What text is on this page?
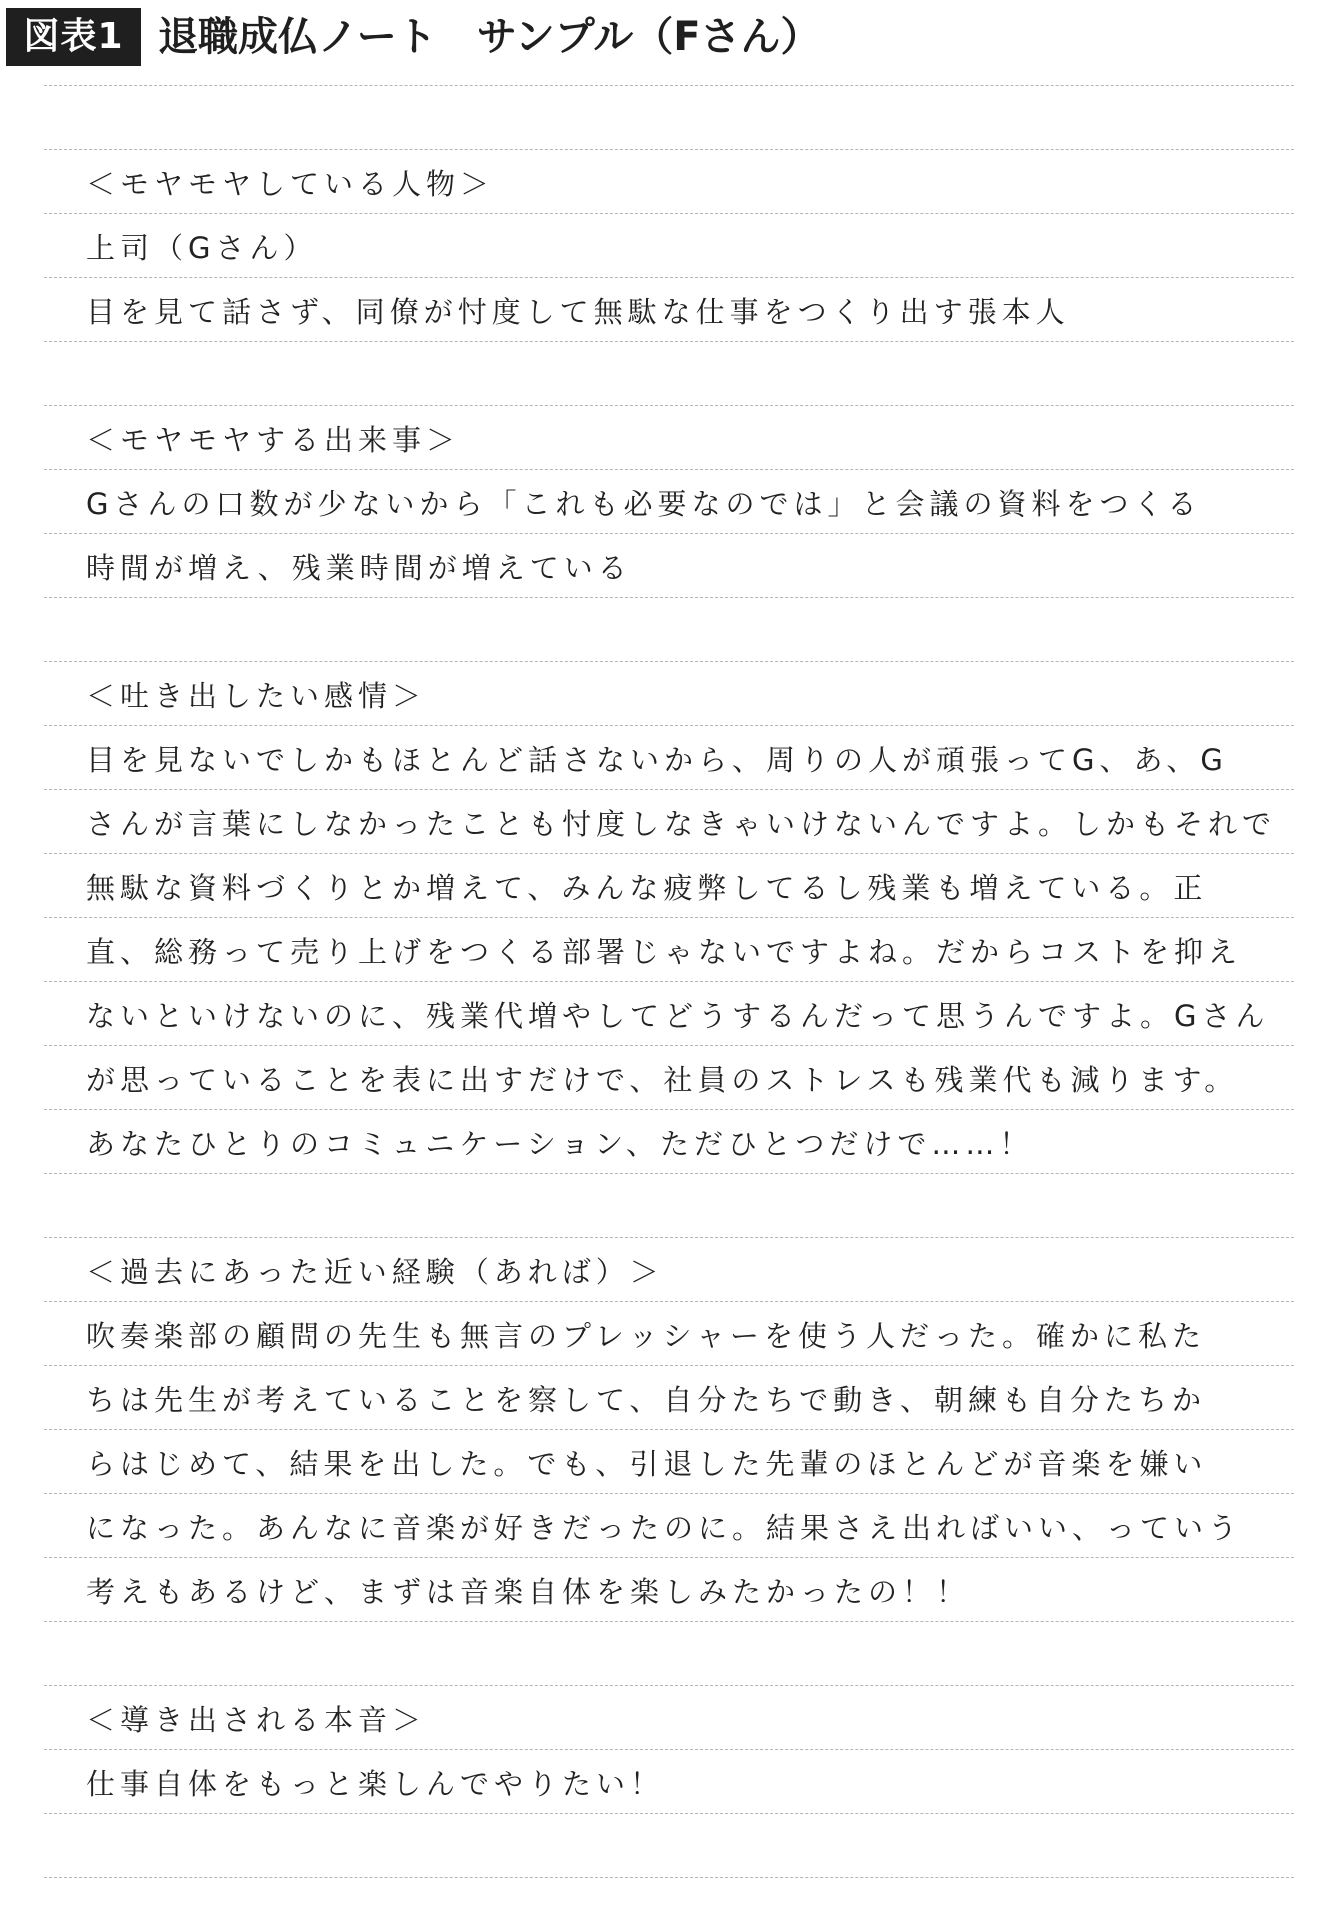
図表1 退職成仏ノート　サンプル（Fさん）
＜モヤモヤしている人物＞
上司（Gさん）
目を見て話さず、同僚が忖度して無駄な仕事をつくり出す張本人
＜モヤモヤする出来事＞
Gさんの口数が少ないから「これも必要なのでは」と会議の資料をつくる
時間が増え、残業時間が増えている
＜吐き出したい感情＞
目を見ないでしかもほとんど話さないから、周りの人が頑張ってG、あ、G
さんが言葉にしなかったことも忖度しなきゃいけないんですよ。しかもそれで
無駄な資料づくりとか増えて、みんな疲弊してるし残業も増えている。正
直、総務って売り上げをつくる部署じゃないですよね。だからコストを抑え
ないといけないのに、残業代増やしてどうするんだって思うんですよ。Gさん
が思っていることを表に出すだけで、社員のストレスも残業代も減ります。
あなたひとりのコミュニケーション、ただひとつだけで……！
＜過去にあった近い経験（あれば）＞
吹奏楽部の顧問の先生も無言のプレッシャーを使う人だった。確かに私た
ちは先生が考えていることを察して、自分たちで動き、朝練も自分たちか
らはじめて、結果を出した。でも、引退した先輩のほとんどが音楽を嫌い
になった。あんなに音楽が好きだったのに。結果さえ出ればいい、っていう
考えもあるけど、まずは音楽自体を楽しみたかったの！！
＜導き出される本音＞
仕事自体をもっと楽しんでやりたい！
